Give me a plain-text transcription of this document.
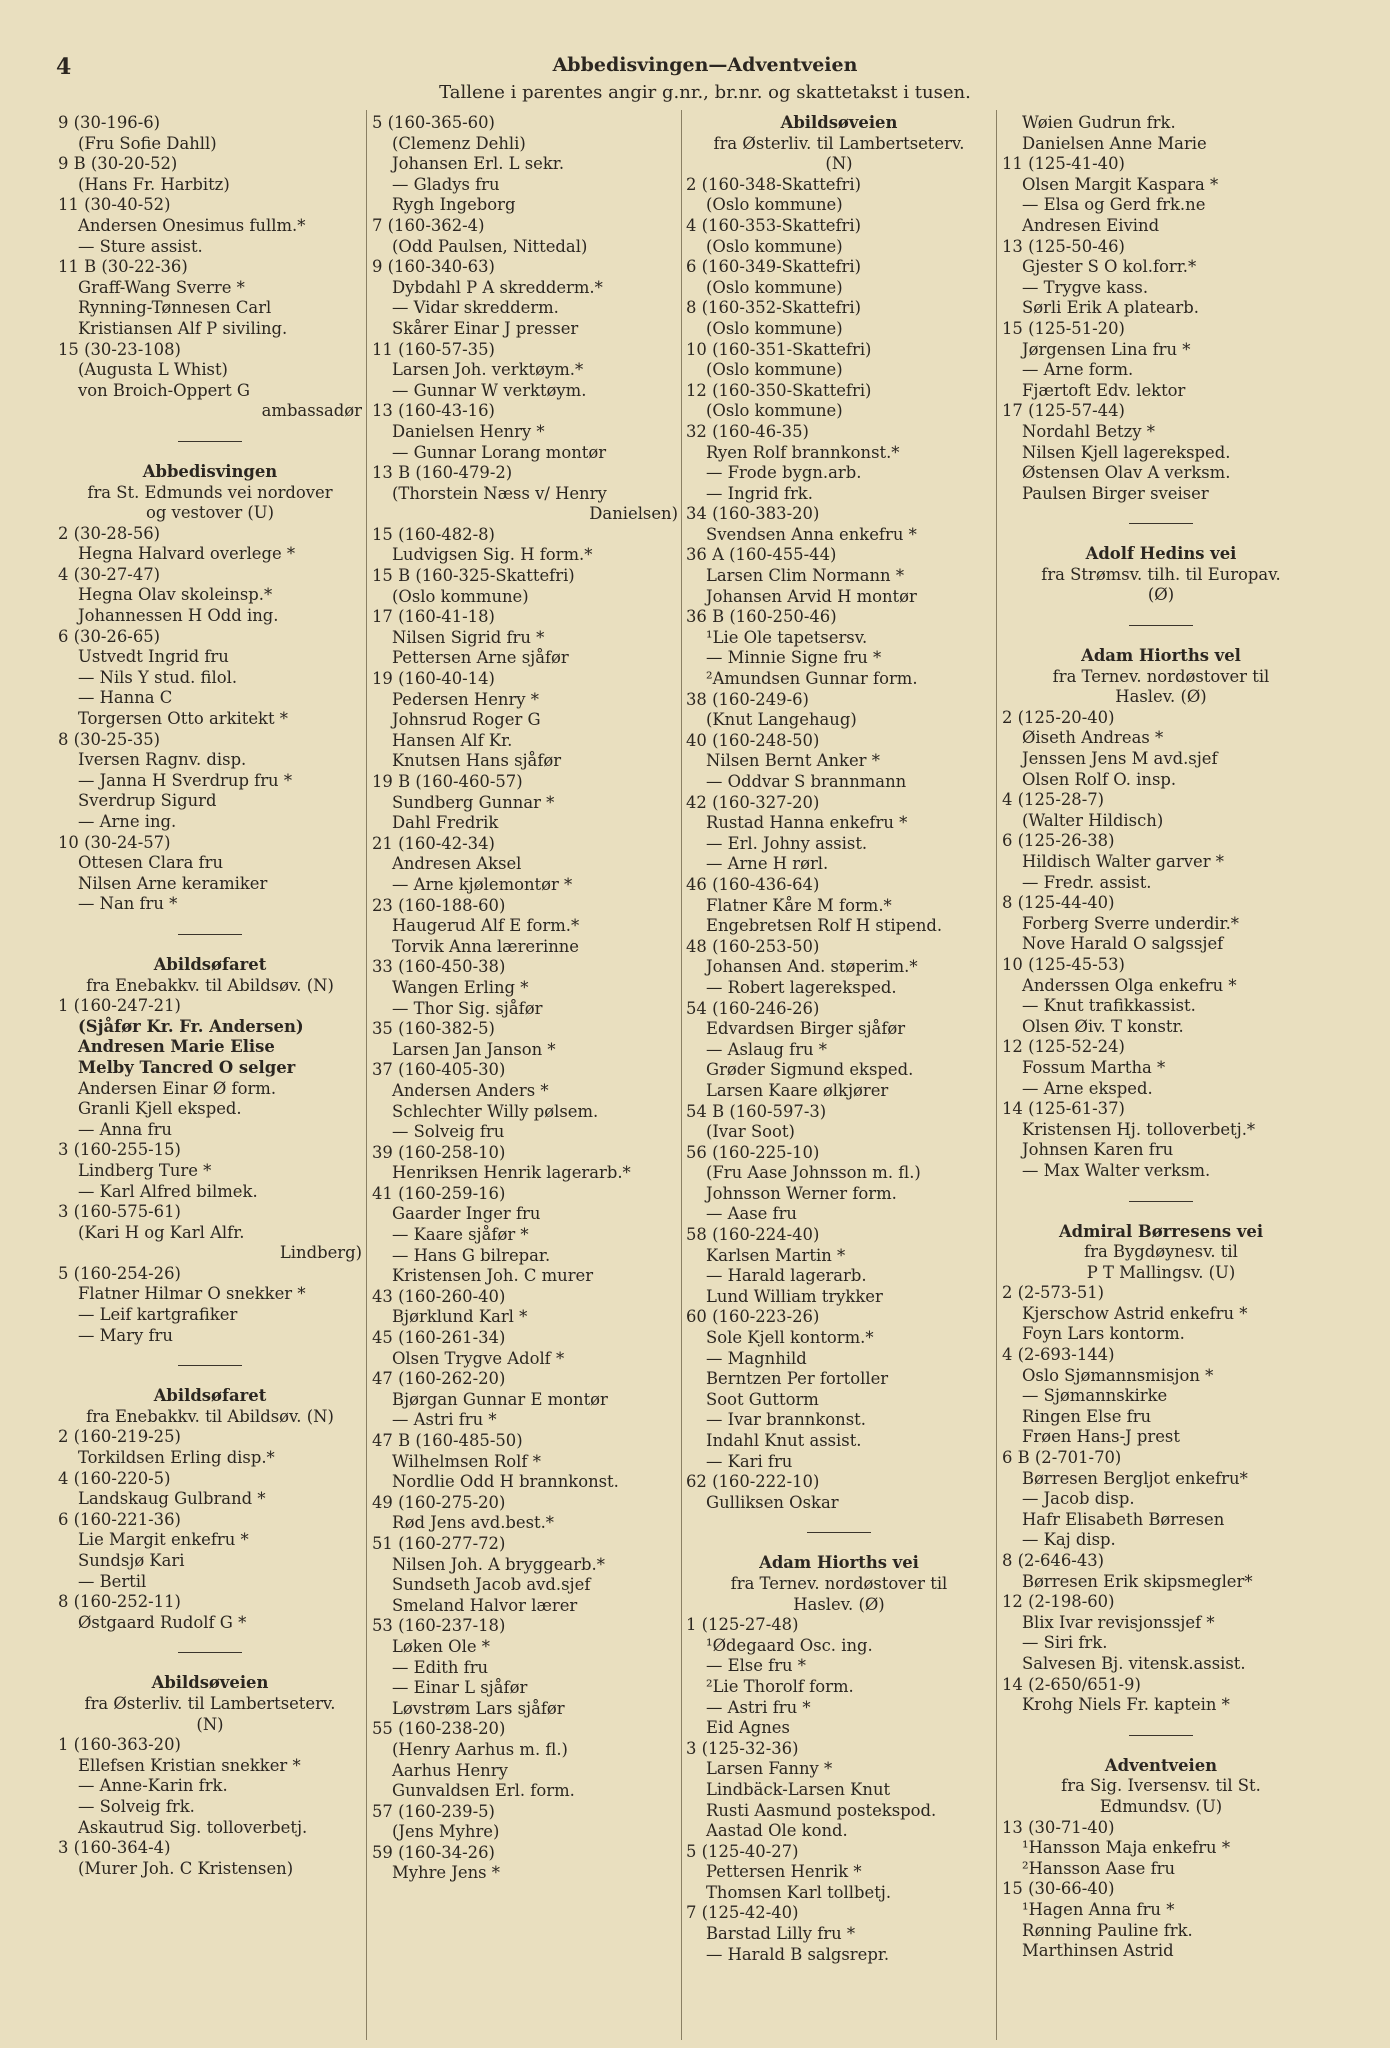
4	Abbedisvingen—Adventveien
Tallene i parentes angir g.nr., br.nr. og skattetakst i tusen.
9 (30-196-6)
(Fru Sofie Dahll)
9 B (30-20-52)
(Hans Fr. Harbitz)
11 (30-40-52)
Andersen Onesimus fullm.*
— Sture assist.
11 B (30-22-36)
Graff-Wang Sverre *
Rynning-Tønnesen Carl
Kristiansen Alf P siviling.
15 (30-23-108)
(Augusta L Whist)
von Broich-Oppert G
ambassadør
Abbedisvingen
fra St. Edmunds vei nordover
og vestover (U)
2 (30-28-56)
Hegna Halvard overlege *
4 (30-27-47)
Hegna Olav skoleinsp.*
Johannessen H Odd ing.
6 (30-26-65)
Ustvedt Ingrid fru
— Nils Y stud. filol.
— Hanna C
Torgersen Otto arkitekt *
8 (30-25-35)
Iversen Ragnv. disp.
— Janna H Sverdrup fru *
Sverdrup Sigurd
— Arne ing.
10 (30-24-57)
Ottesen Clara fru
Nilsen Arne keramiker
— Nan fru *
Abildsøfaret
fra Enebakkv. til Abildsøv. (N)
1 (160-247-21)
(Sjåfør Kr. Fr. Andersen)
Andresen Marie Elise
Melby Tancred O selger
Andersen Einar Ø form.
Granli Kjell eksped.
— Anna fru
3 (160-255-15)
Lindberg Ture *
— Karl Alfred bilmek.
3 (160-575-61)
(Kari H og Karl Alfr.
Lindberg)
5 (160-254-26)
Flatner Hilmar O snekker *
— Leif kartgrafiker
— Mary fru
Abildsøfaret
fra Enebakkv. til Abildsøv. (N)
2 (160-219-25)
Torkildsen Erling disp.*
4 (160-220-5)
Landskaug Gulbrand *
6 (160-221-36)
Lie Margit enkefru *
Sundsjø Kari
— Bertil
8 (160-252-11)
Østgaard Rudolf G *
Abildsøveien
fra Østerliv. til Lambertseterv.
(N)
1 (160-363-20)
Ellefsen Kristian snekker *
— Anne-Karin frk.
— Solveig frk.
Askautrud Sig. tolloverbetj.
3 (160-364-4)
(Murer Joh. C Kristensen)
5 (160-365-60)
(Clemenz Dehli)
Johansen Erl. L sekr.
— Gladys fru
Rygh Ingeborg
7 (160-362-4)
(Odd Paulsen, Nittedal)
9 (160-340-63)
Dybdahl P A skredderm.*
— Vidar skredderm.
Skårer Einar J presser
11 (160-57-35)
Larsen Joh. verktøym.*
— Gunnar W verktøym.
13 (160-43-16)
Danielsen Henry *
— Gunnar Lorang montør
13 B (160-479-2)
(Thorstein Næss v/ Henry
Danielsen)
15 (160-482-8)
Ludvigsen Sig. H form.*
15 B (160-325-Skattefri)
(Oslo kommune)
17 (160-41-18)
Nilsen Sigrid fru *
Pettersen Arne sjåfør
19 (160-40-14)
Pedersen Henry *
Johnsrud Roger G
Hansen Alf Kr.
Knutsen Hans sjåfør
19 B (160-460-57)
Sundberg Gunnar *
Dahl Fredrik
21 (160-42-34)
Andresen Aksel
— Arne kjølemontør *
23 (160-188-60)
Haugerud Alf E form.*
Torvik Anna lærerinne
33 (160-450-38)
Wangen Erling *
— Thor Sig. sjåfør
35 (160-382-5)
Larsen Jan Janson *
37 (160-405-30)
Andersen Anders *
Schlechter Willy pølsem.
— Solveig fru
39 (160-258-10)
Henriksen Henrik lagerarb.*
41 (160-259-16)
Gaarder Inger fru
— Kaare sjåfør *
— Hans G bilrepar.
Kristensen Joh. C murer
43 (160-260-40)
Bjørklund Karl *
45 (160-261-34)
Olsen Trygve Adolf *
47 (160-262-20)
Bjørgan Gunnar E montør
— Astri fru *
47 B (160-485-50)
Wilhelmsen Rolf *
Nordlie Odd H brannkonst.
49 (160-275-20)
Rød Jens avd.best.*
51 (160-277-72)
Nilsen Joh. A bryggearb.*
Sundseth Jacob avd.sjef
Smeland Halvor lærer
53 (160-237-18)
Løken Ole *
— Edith fru
— Einar L sjåfør
Løvstrøm Lars sjåfør
55 (160-238-20)
(Henry Aarhus m. fl.)
Aarhus Henry
Gunvaldsen Erl. form.
57 (160-239-5)
(Jens Myhre)
59 (160-34-26)
Myhre Jens *
Abildsøveien
fra Østerliv. til Lambertseterv.
(N)
2 (160-348-Skattefri)
(Oslo kommune)
4 (160-353-Skattefri)
(Oslo kommune)
6 (160-349-Skattefri)
(Oslo kommune)
8 (160-352-Skattefri)
(Oslo kommune)
10 (160-351-Skattefri)
(Oslo kommune)
12 (160-350-Skattefri)
(Oslo kommune)
32 (160-46-35)
Ryen Rolf brannkonst.*
— Frode bygn.arb.
— Ingrid frk.
34 (160-383-20)
Svendsen Anna enkefru *
36 A (160-455-44)
Larsen Clim Normann *
Johansen Arvid H montør
36 B (160-250-46)
¹Lie Ole tapetsersv.
— Minnie Signe fru *
²Amundsen Gunnar form.
38 (160-249-6)
(Knut Langehaug)
40 (160-248-50)
Nilsen Bernt Anker *
— Oddvar S brannmann
42 (160-327-20)
Rustad Hanna enkefru *
— Erl. Johny assist.
— Arne H rørl.
46 (160-436-64)
Flatner Kåre M form.*
Engebretsen Rolf H stipend.
48 (160-253-50)
Johansen And. støperim.*
— Robert lagereksped.
54 (160-246-26)
Edvardsen Birger sjåfør
— Aslaug fru *
Grøder Sigmund eksped.
Larsen Kaare ølkjører
54 B (160-597-3)
(Ivar Soot)
56 (160-225-10)
(Fru Aase Johnsson m. fl.)
Johnsson Werner form.
— Aase fru
58 (160-224-40)
Karlsen Martin *
— Harald lagerarb.
Lund William trykker
60 (160-223-26)
Sole Kjell kontorm.*
— Magnhild
Berntzen Per fortoller
Soot Guttorm
— Ivar brannkonst.
Indahl Knut assist.
— Kari fru
62 (160-222-10)
Gulliksen Oskar
Adam Hiorths vei
fra Ternev. nordøstover til
Haslev. (Ø)
1 (125-27-48)
¹Ødegaard Osc. ing.
— Else fru *
²Lie Thorolf form.
— Astri fru *
Eid Agnes
3 (125-32-36)
Larsen Fanny *
Lindbäck-Larsen Knut
Rusti Aasmund postekspod.
Aastad Ole kond.
5 (125-40-27)
Pettersen Henrik *
Thomsen Karl tollbetj.
7 (125-42-40)
Barstad Lilly fru *
— Harald B salgsrepr.
Wøien Gudrun frk.
Danielsen Anne Marie
11 (125-41-40)
Olsen Margit Kaspara *
— Elsa og Gerd frk.ne
Andresen Eivind
13 (125-50-46)
Gjester S O kol.forr.*
— Trygve kass.
Sørli Erik A platearb.
15 (125-51-20)
Jørgensen Lina fru *
— Arne form.
Fjærtoft Edv. lektor
17 (125-57-44)
Nordahl Betzy *
Nilsen Kjell lagereksped.
Østensen Olav A verksm.
Paulsen Birger sveiser
Adolf Hedins vei
fra Strømsv. tilh. til Europav.
(Ø)
Adam Hiorths vel
fra Ternev. nordøstover til
Haslev. (Ø)
2 (125-20-40)
Øiseth Andreas *
Jenssen Jens M avd.sjef
Olsen Rolf O. insp.
4 (125-28-7)
(Walter Hildisch)
6 (125-26-38)
Hildisch Walter garver *
— Fredr. assist.
8 (125-44-40)
Forberg Sverre underdir.*
Nove Harald O salgssjef
10 (125-45-53)
Anderssen Olga enkefru *
— Knut trafikkassist.
Olsen Øiv. T konstr.
12 (125-52-24)
Fossum Martha *
— Arne eksped.
14 (125-61-37)
Kristensen Hj. tolloverbetj.*
Johnsen Karen fru
— Max Walter verksm.
Admiral Børresens vei
fra Bygdøynesv. til
P T Mallingsv. (U)
2 (2-573-51)
Kjerschow Astrid enkefru *
Foyn Lars kontorm.
4 (2-693-144)
Oslo Sjømannsmisjon *
— Sjømannskirke
Ringen Else fru
Frøen Hans-J prest
6 B (2-701-70)
Børresen Bergljot enkefru*
— Jacob disp.
Hafr Elisabeth Børresen
— Kaj disp.
8 (2-646-43)
Børresen Erik skipsmegler*
12 (2-198-60)
Blix Ivar revisjonssjef *
— Siri frk.
Salvesen Bj. vitensk.assist.
14 (2-650/651-9)
Krohg Niels Fr. kaptein *
Adventveien
fra Sig. Iversensv. til St.
Edmundsv. (U)
13 (30-71-40)
¹Hansson Maja enkefru *
²Hansson Aase fru
15 (30-66-40)
¹Hagen Anna fru *
Rønning Pauline frk.
Marthinsen Astrid
